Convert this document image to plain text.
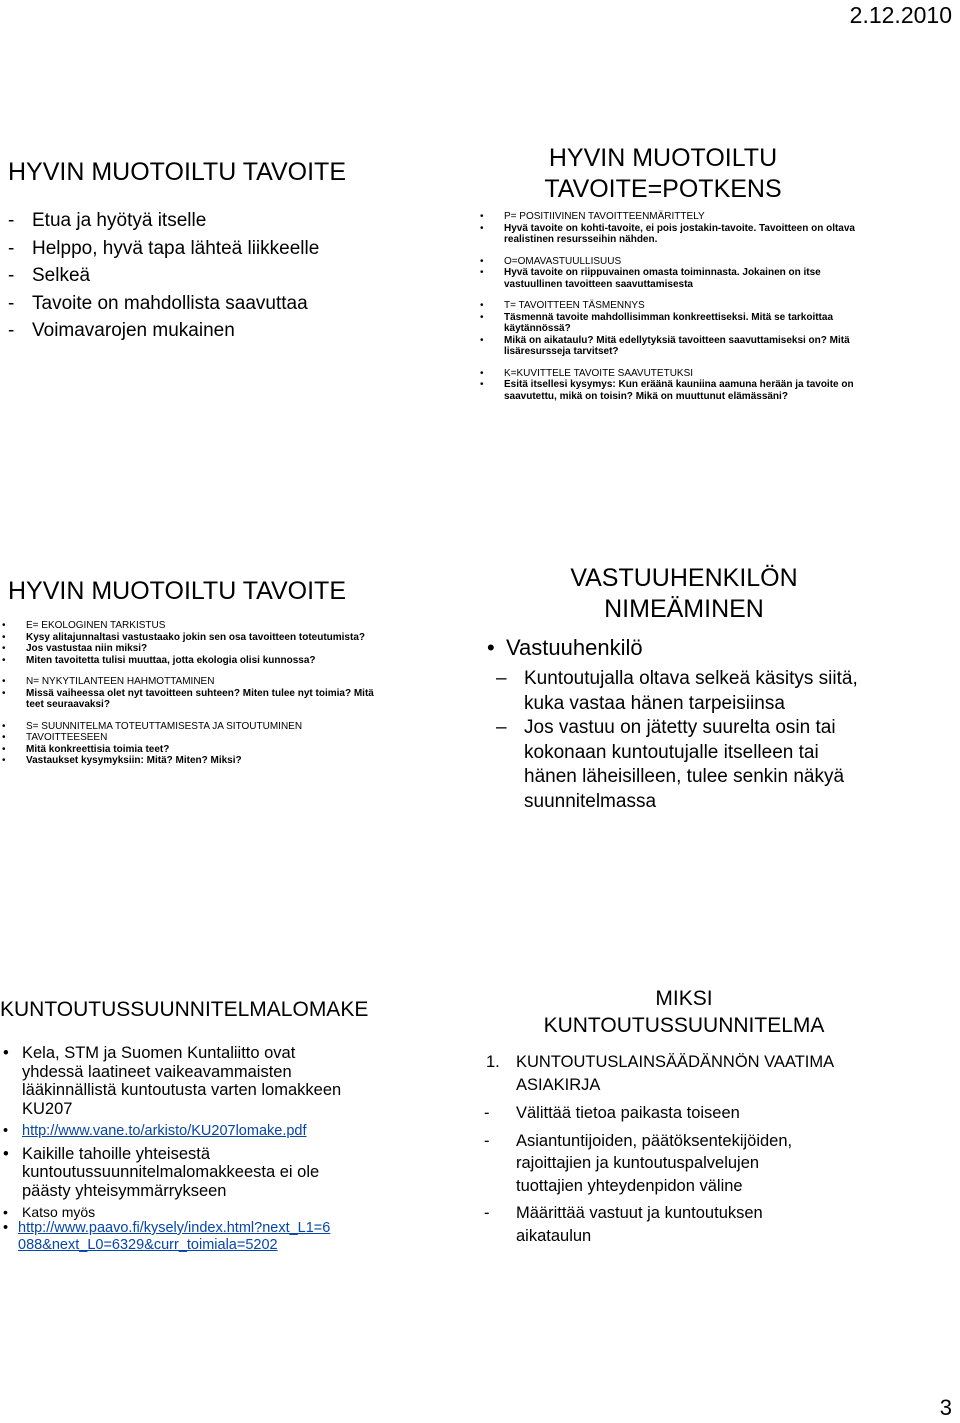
2.12.2010
HYVIN MUOTOILTU TAVOITE
- Etua ja hyötyä itselle
- Helppo, hyvä tapa lähteä liikkeelle
- Selkeä
- Tavoite on mahdollista saavuttaa
- Voimavarojen mukainen
HYVIN MUOTOILTU
TAVOITE=POTKENS
• P= POSITIIVINEN TAVOITTEENMÄRITTELY
• Hyvä tavoite on kohti-tavoite, ei pois jostakin-tavoite. Tavoitteen on oltava realistinen resursseihin nähden.
• O=OMAVASTUULLISUUS
• Hyvä tavoite on riippuvainen omasta toiminnasta. Jokainen on itse vastuullinen tavoitteen saavuttamisesta
• T= TAVOITTEEN TÄSMENNYS
• Täsmennä tavoite mahdollisimman konkreettiseksi. Mitä se tarkoittaa käytännössä?
• Mikä on aikataulu? Mitä edellytyksiä tavoitteen saavuttamiseksi on? Mitä lisäresursseja tarvitset?
• K=KUVITTELE TAVOITE SAAVUTETUKSI
• Esitä itsellesi kysymys: Kun eräänä kauniina aamuna herään ja tavoite on saavutettu, mikä on toisin? Mikä on muuttunut elämässäni?
HYVIN MUOTOILTU TAVOITE
• E= EKOLOGINEN TARKISTUS
• Kysy alitajunnaltasi vastustaako jokin sen osa tavoitteen toteutumista?
• Jos vastustaa niin miksi?
• Miten tavoitetta tulisi muuttaa, jotta ekologia olisi kunnossa?
• N= NYKYTILANTEEN HAHMOTTAMINEN
• Missä vaiheessa olet nyt tavoitteen suhteen? Miten tulee nyt toimia? Mitä teet seuraavaksi?
• S= SUUNNITELMA TOTEUTTAMISESTA JA SITOUTUMINEN
• TAVOITTEESEEN
• Mitä konkreettisia toimia teet?
• Vastaukset kysymyksiin: Mitä? Miten? Miksi?
VASTUUHENKILÖN
NIMEÄMINEN
• Vastuuhenkilö
– Kuntoutujalla oltava selkeä käsitys siitä, kuka vastaa hänen tarpeisiinsa
– Jos vastuu on jätetty suurelta osin tai kokonaan kuntoutujalle itselleen tai hänen läheisilleen, tulee senkin näkyä suunnitelmassa
KUNTOUTUSSUUNNITELMALOMAKE
• Kela, STM ja Suomen Kuntaliitto ovat yhdessä laatineet vaikeavammaisten lääkinnällistä kuntoutusta varten lomakkeen KU207
• http://www.vane.to/arkisto/KU207lomake.pdf
• Kaikille tahoille yhteisestä kuntoutussuunnitelmalomakkeesta ei ole päästy yhteisymmärrykseen
• Katso myös
• http://www.paavo.fi/kysely/index.html?next_L1=6 088&next_L0=6329&curr_toimiala=5202
MIKSI
KUNTOUTUSSUUNNITELMA
1. KUNTOUTUSLAINSÄÄDÄNNÖN VAATIMA ASIAKIRJA
- Välittää tietoa paikasta toiseen
- Asiantuntijoiden, päätöksentekijöiden, rajoittajien ja kuntoutuspalvelujen tuottajien yhteydenpidon väline
- Määrittää vastuut ja kuntoutuksen aikataulun
3
